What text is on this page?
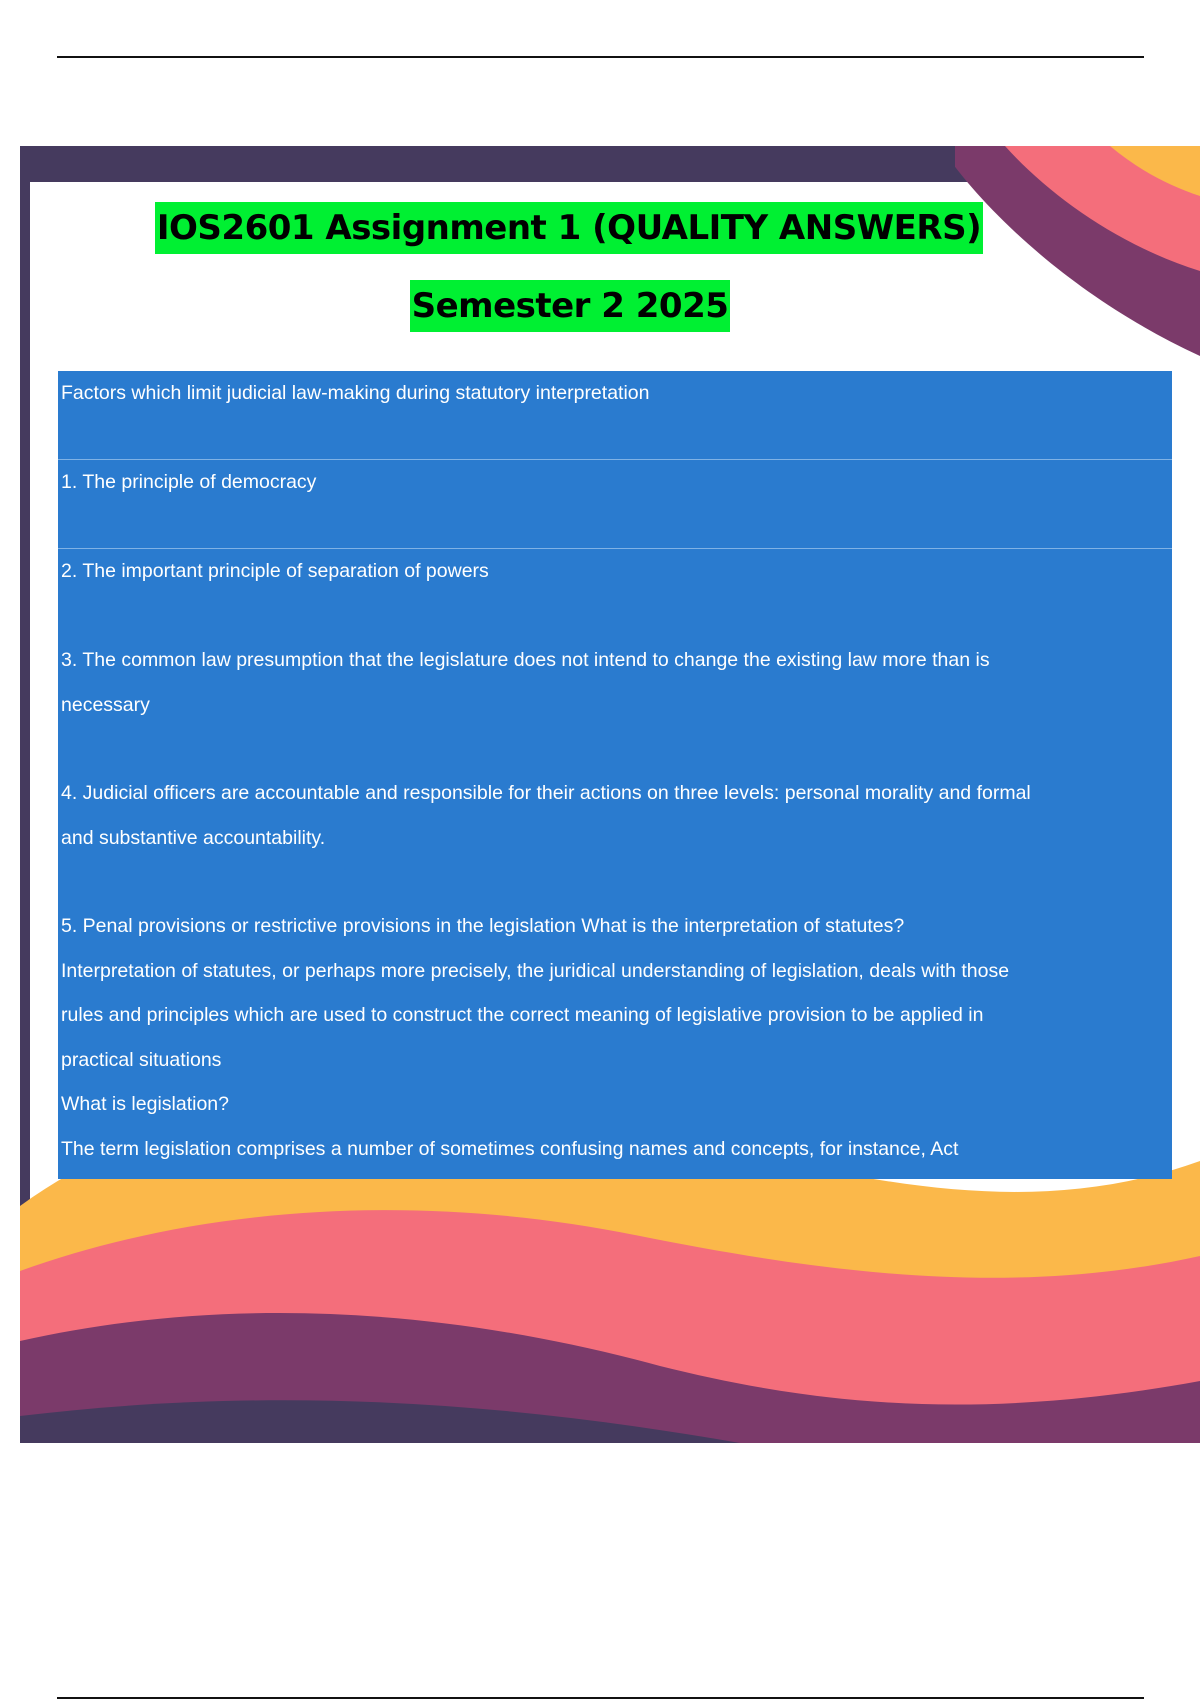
IOS2601 Assignment 1 (QUALITY ANSWERS)
Semester 2 2025
Factors which limit judicial law-making during statutory interpretation
1. The principle of democracy
2. The important principle of separation of powers
3. The common law presumption that the legislature does not intend to change the existing law more than is
necessary
4. Judicial officers are accountable and responsible for their actions on three levels: personal morality and formal
and substantive accountability.
5. Penal provisions or restrictive provisions in the legislation What is the interpretation of statutes?
Interpretation of statutes, or perhaps more precisely, the juridical understanding of legislation, deals with those
rules and principles which are used to construct the correct meaning of legislative provision to be applied in
practical situations
What is legislation?
The term legislation comprises a number of sometimes confusing names and concepts, for instance, Act
